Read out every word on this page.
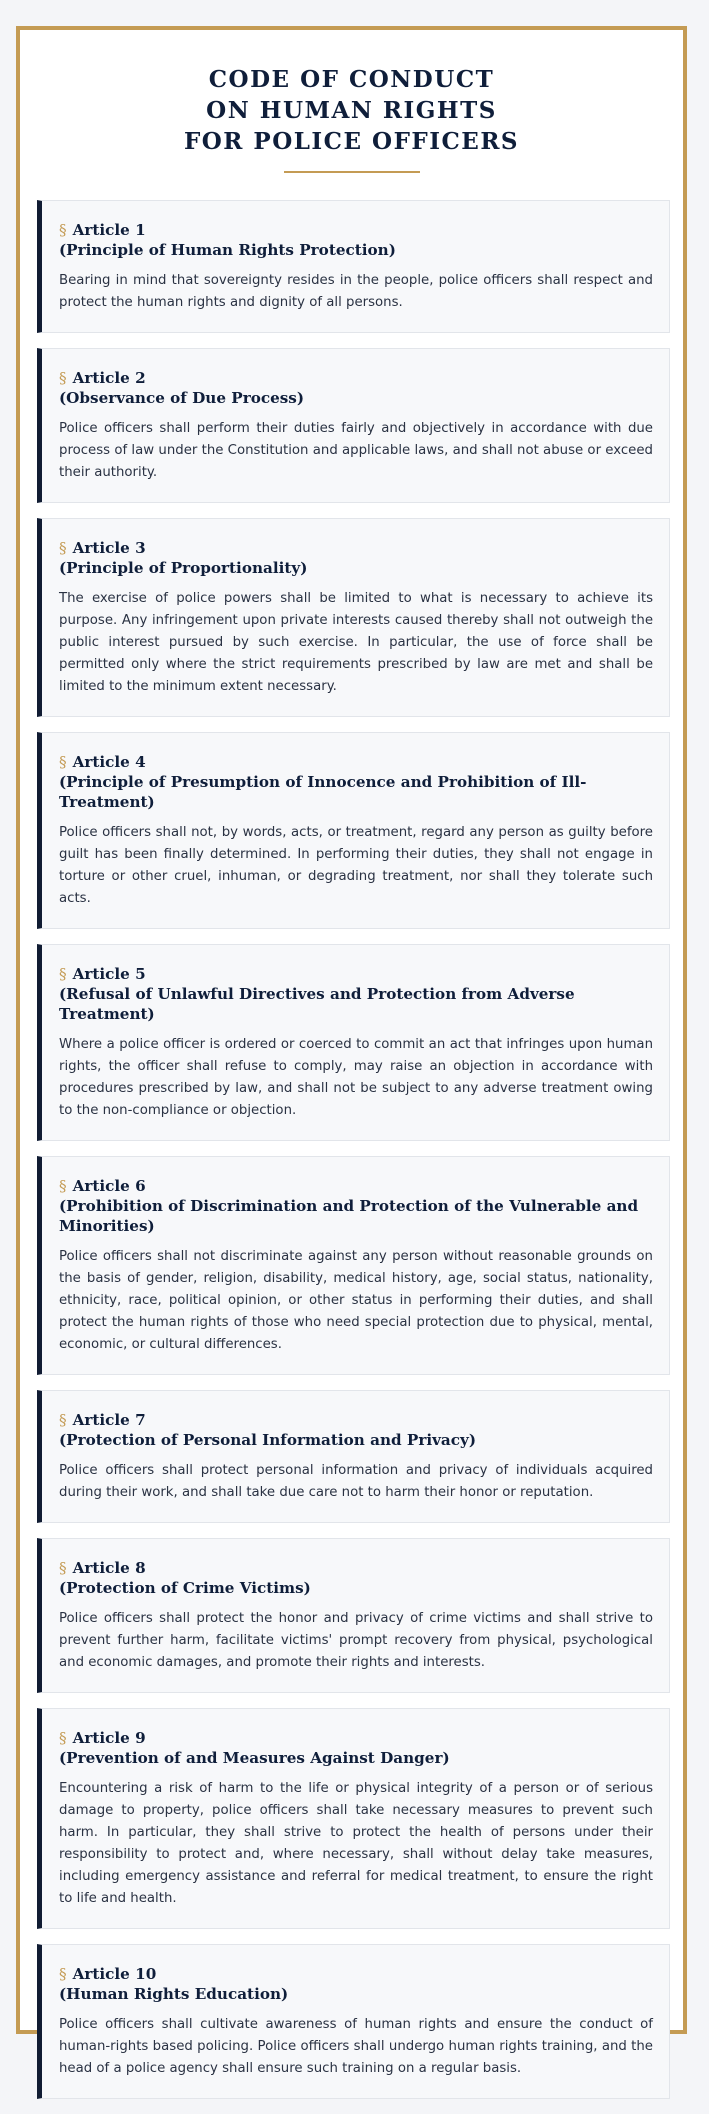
CODE OF CONDUCT
ON HUMAN RIGHTS
FOR POLICE OFFICERS
§ Article 1
(Principle of Human Rights Protection)
Bearing in mind that sovereignty resides in the people, police officers shall respect and protect the human rights and dignity of all persons.
§ Article 2
(Observance of Due Process)
Police officers shall perform their duties fairly and objectively in accordance with due process of law under the Constitution and applicable laws, and shall not abuse or exceed their authority.
§ Article 3
(Principle of Proportionality)
The exercise of police powers shall be limited to what is necessary to achieve its purpose. Any infringement upon private interests caused thereby shall not outweigh the public interest pursued by such exercise. In particular, the use of force shall be permitted only where the strict requirements prescribed by law are met and shall be limited to the minimum extent necessary.
§ Article 4
(Principle of Presumption of Innocence and Prohibition of Ill-Treatment)
Police officers shall not, by words, acts, or treatment, regard any person as guilty before guilt has been finally determined. In performing their duties, they shall not engage in torture or other cruel, inhuman, or degrading treatment, nor shall they tolerate such acts.
§ Article 5
(Refusal of Unlawful Directives and Protection from Adverse Treatment)
Where a police officer is ordered or coerced to commit an act that infringes upon human rights, the officer shall refuse to comply, may raise an objection in accordance with procedures prescribed by law, and shall not be subject to any adverse treatment owing to the non-compliance or objection.
§ Article 6
(Prohibition of Discrimination and Protection of the Vulnerable and Minorities)
Police officers shall not discriminate against any person without reasonable grounds on the basis of gender, religion, disability, medical history, age, social status, nationality, ethnicity, race, political opinion, or other status in performing their duties, and shall protect the human rights of those who need special protection due to physical, mental, economic, or cultural differences.
§ Article 7
(Protection of Personal Information and Privacy)
Police officers shall protect personal information and privacy of individuals acquired during their work, and shall take due care not to harm their honor or reputation.
§ Article 8
(Protection of Crime Victims)
Police officers shall protect the honor and privacy of crime victims and shall strive to prevent further harm, facilitate victims' prompt recovery from physical, psychological and economic damages, and promote their rights and interests.
§ Article 9
(Prevention of and Measures Against Danger)
Encountering a risk of harm to the life or physical integrity of a person or of serious damage to property, police officers shall take necessary measures to prevent such harm. In particular, they shall strive to protect the health of persons under their responsibility to protect and, where necessary, shall without delay take measures, including emergency assistance and referral for medical treatment, to ensure the right to life and health.
§ Article 10
(Human Rights Education)
Police officers shall cultivate awareness of human rights and ensure the conduct of human-rights based policing. Police officers shall undergo human rights training, and the head of a police agency shall ensure such training on a regular basis.
